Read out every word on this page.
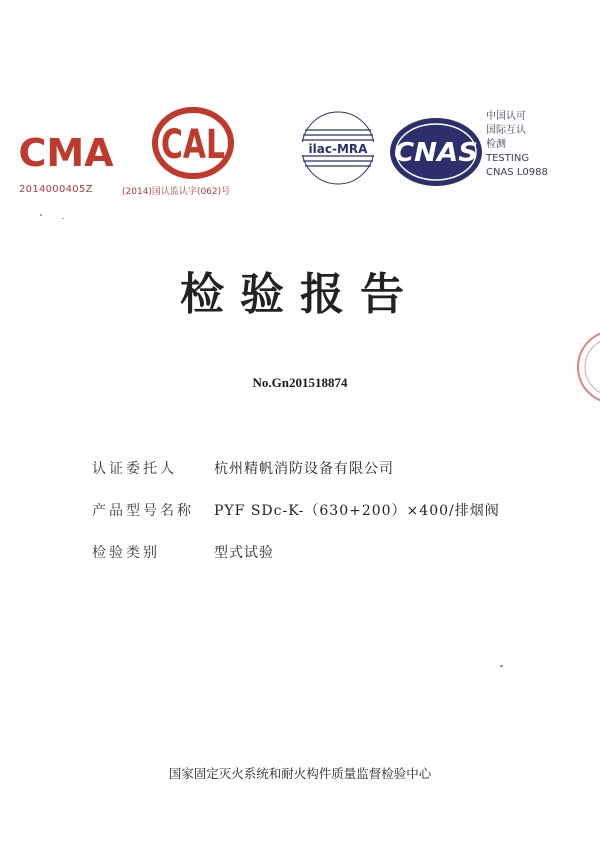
CMA
2014000405Z
CAL
(2014)国认监认字(062)号
ilac-MRA CNAS
中国认可
国际互认
检测
TESTING
CNAS L0988
检验报告
No.Gn201518874
认证委托人	杭州精帆消防设备有限公司
产品型号名称	PYF SDc-K-（630+200）×400/排烟阀
检验类别	型式试验
国家固定灭火系统和耐火构件质量监督检验中心
